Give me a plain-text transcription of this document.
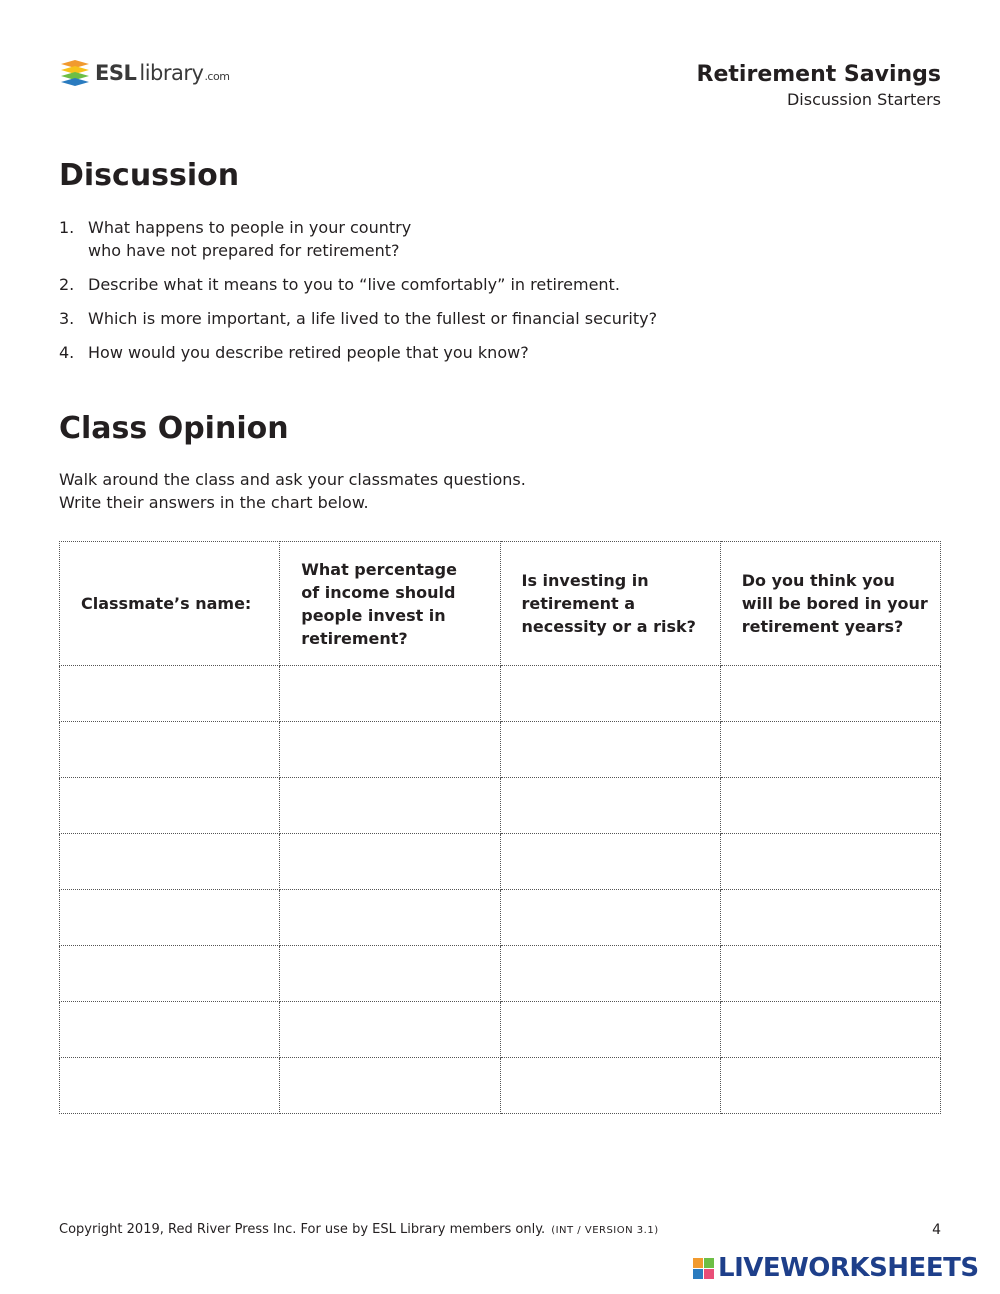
ESL library .com	Retirement Savings
Discussion Starters
Discussion
1. What happens to people in your country
who have not prepared for retirement?
2. Describe what it means to you to “live comfortably” in retirement.
3. Which is more important, a life lived to the fullest or financial security?
4. How would you describe retired people that you know?
Class Opinion

Walk around the class and ask your classmates questions.

Write their answers in the chart below.

Classmate’s name:	What percentage
of income should
people invest in
retirement?	Is investing in
retirement a
necessity or a risk?	Do you think you
will be bored in your
retirement years?

Copyright 2019, Red River Press Inc. For use by ESL Library members only. (INT / VERSION 3.1)	4
LIVEWORKSHEETS
